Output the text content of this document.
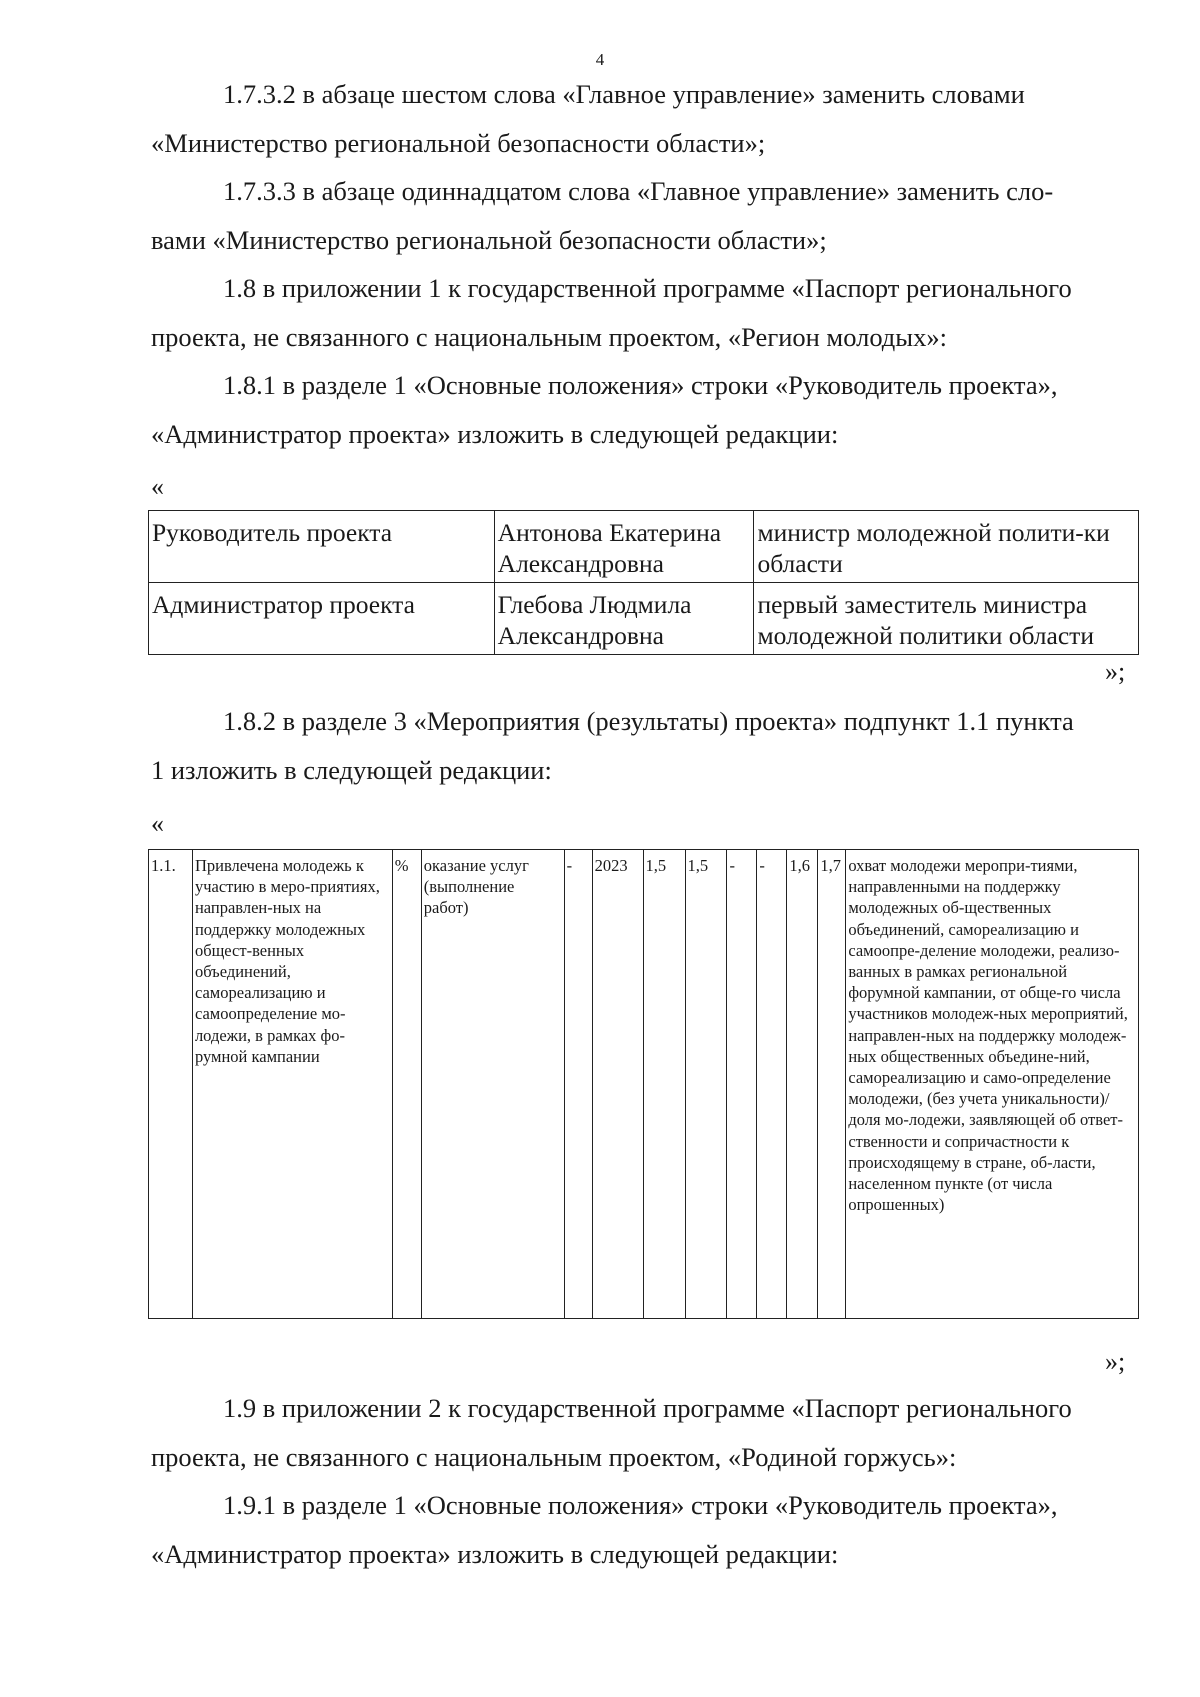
4

1.7.3.2 в абзаце шестом слова «Главное управление» заменить словами

«Министерство региональной безопасности области»;

1.7.3.3 в абзаце одиннадцатом слова «Главное управление» заменить сло-

вами «Министерство региональной безопасности области»;

1.8 в приложении 1 к государственной программе «Паспорт регионального

проекта, не связанного с национальным проектом, «Регион молодых»:

1.8.1 в разделе 1 «Основные положения» строки «Руководитель проекта»,

«Администратор проекта» изложить в следующей редакции:

«
Руководитель проекта	Антонова Екатерина Александровна	министр молодежной полити-ки области
Администратор проекта	Глебова Людмила Александровна	первый заместитель министра молодежной политики области
»;

1.8.2 в разделе 3 «Мероприятия (результаты) проекта» подпункт 1.1 пункта

1 изложить в следующей редакции:

«
1.1.	Привлечена молодежь к участию в меро-приятиях, направлен-ных на поддержку молодежных общест-венных объединений, самореализацию и самоопределение мо-лодежи, в рамках фо-румной кампании	%	оказание услуг (выполнение работ)	-	2023	1,5	1,5	-	-	1,6	1,7	охват молодежи меропри-тиями, направленными на поддержку молодежных об-щественных объединений, самореализацию и самоопре-деление молодежи, реализо-ванных в рамках региональной форумной кампании, от обще-го числа участников молодеж-ных мероприятий, направлен-ных на поддержку молодеж-ных общественных объедине-ний, самореализацию и само-определение молодежи, (без учета уникальности)/доля мо-лодежи, заявляющей об ответ-ственности и сопричастности к происходящему в стране, об-ласти, населенном пункте (от числа опрошенных)
»;

1.9 в приложении 2 к государственной программе «Паспорт регионального

проекта, не связанного с национальным проектом, «Родиной горжусь»:

1.9.1 в разделе 1 «Основные положения» строки «Руководитель проекта»,

«Администратор проекта» изложить в следующей редакции:
